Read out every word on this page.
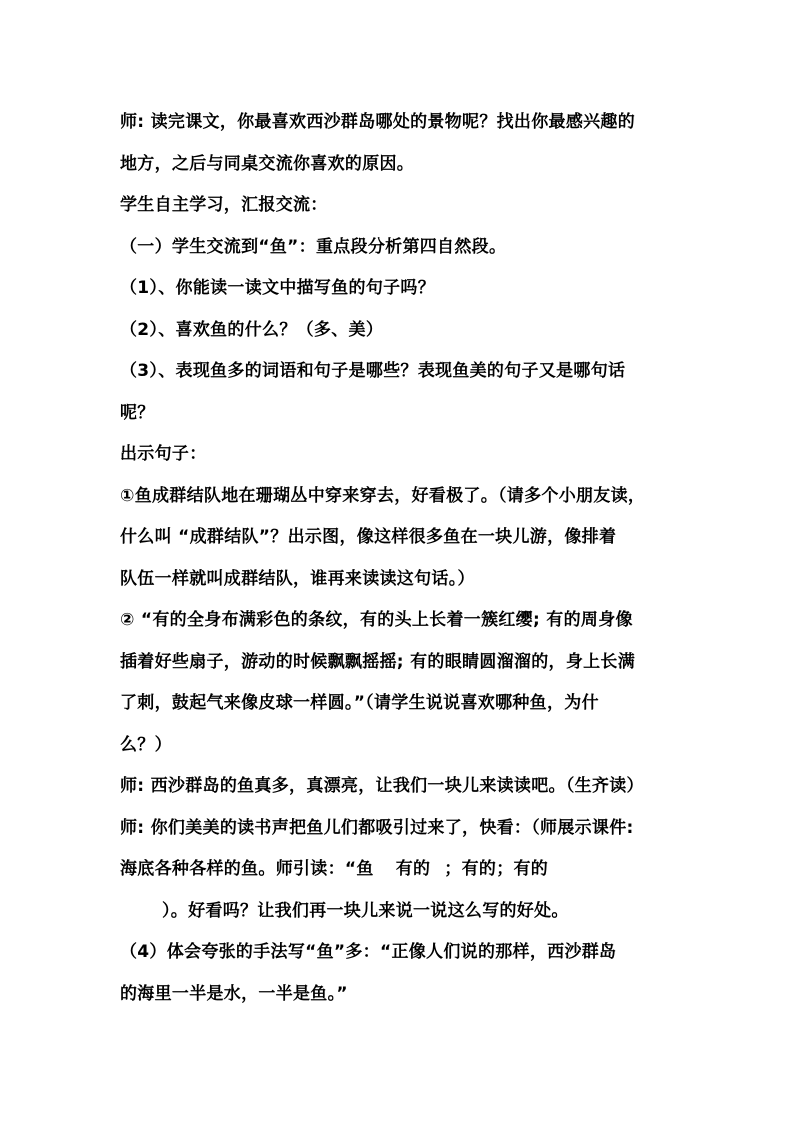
师: 读完课文，你最喜欢西沙群岛哪处的景物呢？找出你最感兴趣的
地方，之后与同桌交流你喜欢的原因。
学生自主学习，汇报交流：
（一）学生交流到“鱼”：重点段分析第四自然段。
（1）、你能读一读文中描写鱼的句子吗？
（2）、喜欢鱼的什么？（多、美）
（3）、表现鱼多的词语和句子是哪些？表现鱼美的句子又是哪句话
呢？
出示句子：
①鱼成群结队地在珊瑚丛中穿来穿去，好看极了。（请多个小朋友读，
什么叫 “成群结队”？出示图，像这样很多鱼在一块儿游，像排着
队伍一样就叫成群结队，谁再来读读这句话。）
② “有的全身布满彩色的条纹，有的头上长着一簇红缨; 有的周身像
插着好些扇子，游动的时候飘飘摇摇; 有的眼睛圆溜溜的，身上长满
了刺，鼓起气来像皮球一样圆。”（请学生说说喜欢哪种鱼，为什
么？）
师: 西沙群岛的鱼真多，真漂亮，让我们一块儿来读读吧。（生齐读）
师: 你们美美的读书声把鱼儿们都吸引过来了，快看：（师展示课件:
海底各种各样的鱼。师引读：“鱼 有的 ；有的；有的
）。好看吗？让我们再一块儿来说一说这么写的好处。
（4）体会夸张的手法写“鱼”多：“正像人们说的那样，西沙群岛
的海里一半是水，一半是鱼。”
